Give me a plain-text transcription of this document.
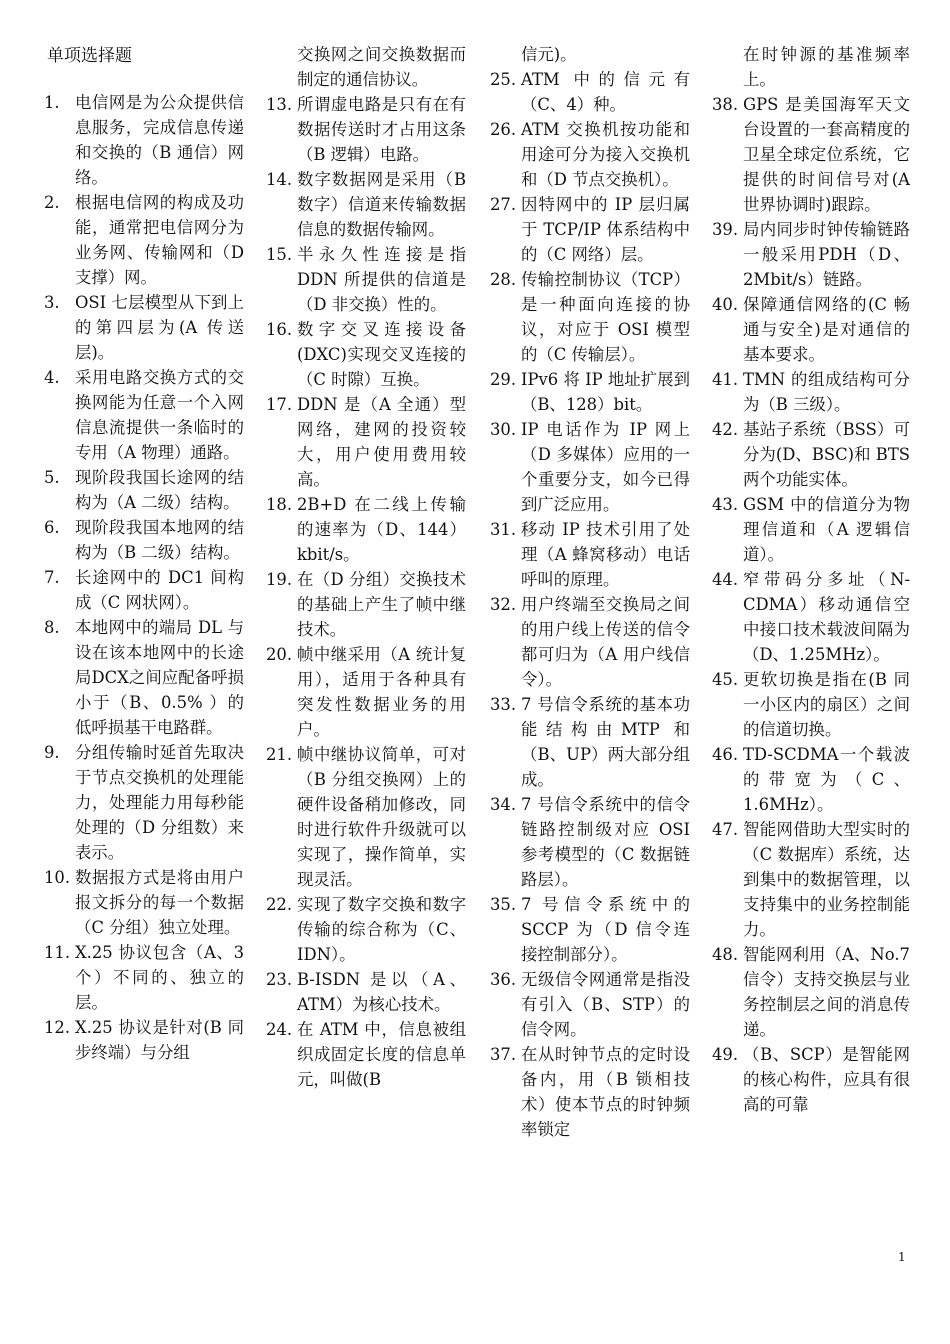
单项选择题
1. 电信网是为公众提供信息服务，完成信息传递和交换的（B 通信）网络。
2. 根据电信网的构成及功能，通常把电信网分为业务网、传输网和（D 支撑）网。
3. OSI 七层模型从下到上的第四层为(A 传送层)。
4. 采用电路交换方式的交换网能为任意一个入网信息流提供一条临时的专用（A 物理）通路。
5. 现阶段我国长途网的结构为（A 二级）结构。
6. 现阶段我国本地网的结构为（B 二级）结构。
7. 长途网中的 DC1 间构成（C 网状网）。
8. 本地网中的端局 DL 与设在该本地网中的长途局DCX之间应配备呼损小于（B、0.5% ）的低呼损基干电路群。
9. 分组传输时延首先取决于节点交换机的处理能力，处理能力用每秒能处理的（D 分组数）来表示。
10. 数据报方式是将由用户报文拆分的每一个数据（C 分组）独立处理。
11. X.25 协议包含（A、3 个）不同的、独立的层。
12. X.25 协议是针对(B 同步终端）与分组
交换网之间交换数据而制定的通信协议。
13. 所谓虚电路是只有在有数据传送时才占用这条（B 逻辑）电路。
14. 数字数据网是采用（B 数字）信道来传输数据信息的数据传输网。
15. 半永久性连接是指 DDN 所提供的信道是（D 非交换）性的。
16. 数字交叉连接设备(DXC)实现交叉连接的（C 时隙）互换。
17. DDN 是（A 全通）型网络，建网的投资较大，用户使用费用较高。
18. 2B+D 在二线上传输的速率为（D、144）kbit/s。
19. 在（D 分组）交换技术的基础上产生了帧中继技术。
20. 帧中继采用（A 统计复用），适用于各种具有突发性数据业务的用户。
21. 帧中继协议简单，可对（B 分组交换网）上的硬件设备稍加修改，同时进行软件升级就可以实现了，操作简单，实现灵活。
22. 实现了数字交换和数字传输的综合称为（C、IDN）。
23. B-ISDN 是以（A、ATM）为核心技术。
24. 在 ATM 中，信息被组织成固定长度的信息单元，叫做(B
信元)。
25. ATM 中的信元有（C、4）种。
26. ATM 交换机按功能和用途可分为接入交换机和（D 节点交换机）。
27. 因特网中的 IP 层归属于 TCP/IP 体系结构中的（C 网络）层。
28. 传输控制协议（TCP）是一种面向连接的协议，对应于 OSI 模型的（C 传输层）。
29. IPv6 将 IP 地址扩展到（B、128）bit。
30. IP 电话作为 IP 网上（D 多媒体）应用的一个重要分支，如今已得到广泛应用。
31. 移动 IP 技术引用了处理（A 蜂窝移动）电话呼叫的原理。
32. 用户终端至交换局之间的用户线上传送的信令都可归为（A 用户线信令）。
33. 7 号信令系统的基本功能结构由MTP 和（B、UP）两大部分组成。
34. 7 号信令系统中的信令链路控制级对应 OSI 参考模型的（C 数据链路层）。
35. 7 号信令系统中的 SCCP 为（D 信令连接控制部分）。
36. 无级信令网通常是指没有引入（B、STP）的信令网。
37. 在从时钟节点的定时设备内，用（B 锁相技术）使本节点的时钟频率锁定
在时钟源的基准频率上。
38. GPS 是美国海军天文台设置的一套高精度的卫星全球定位系统，它提供的时间信号对(A 世界协调时)跟踪。
39. 局内同步时钟传输链路一般采用PDH（D、2Mbit/s）链路。
40. 保障通信网络的(C 畅通与安全)是对通信的基本要求。
41. TMN 的组成结构可分为（B 三级）。
42. 基站子系统（BSS）可分为(D、BSC)和 BTS 两个功能实体。
43. GSM 中的信道分为物理信道和（A 逻辑信道）。
44. 窄带码分多址（N-CDMA）移动通信空中接口技术载波间隔为（D、1.25MHz）。
45. 更软切换是指在(B 同一小区内的扇区）之间的信道切换。
46. TD-SCDMA一个载波的带宽为（C、1.6MHz）。
47. 智能网借助大型实时的（C 数据库）系统，达到集中的数据管理，以支持集中的业务控制能力。
48. 智能网利用（A、No.7信令）支持交换层与业务控制层之间的消息传递。
49. （B、SCP）是智能网的核心构件，应具有很高的可靠
1
